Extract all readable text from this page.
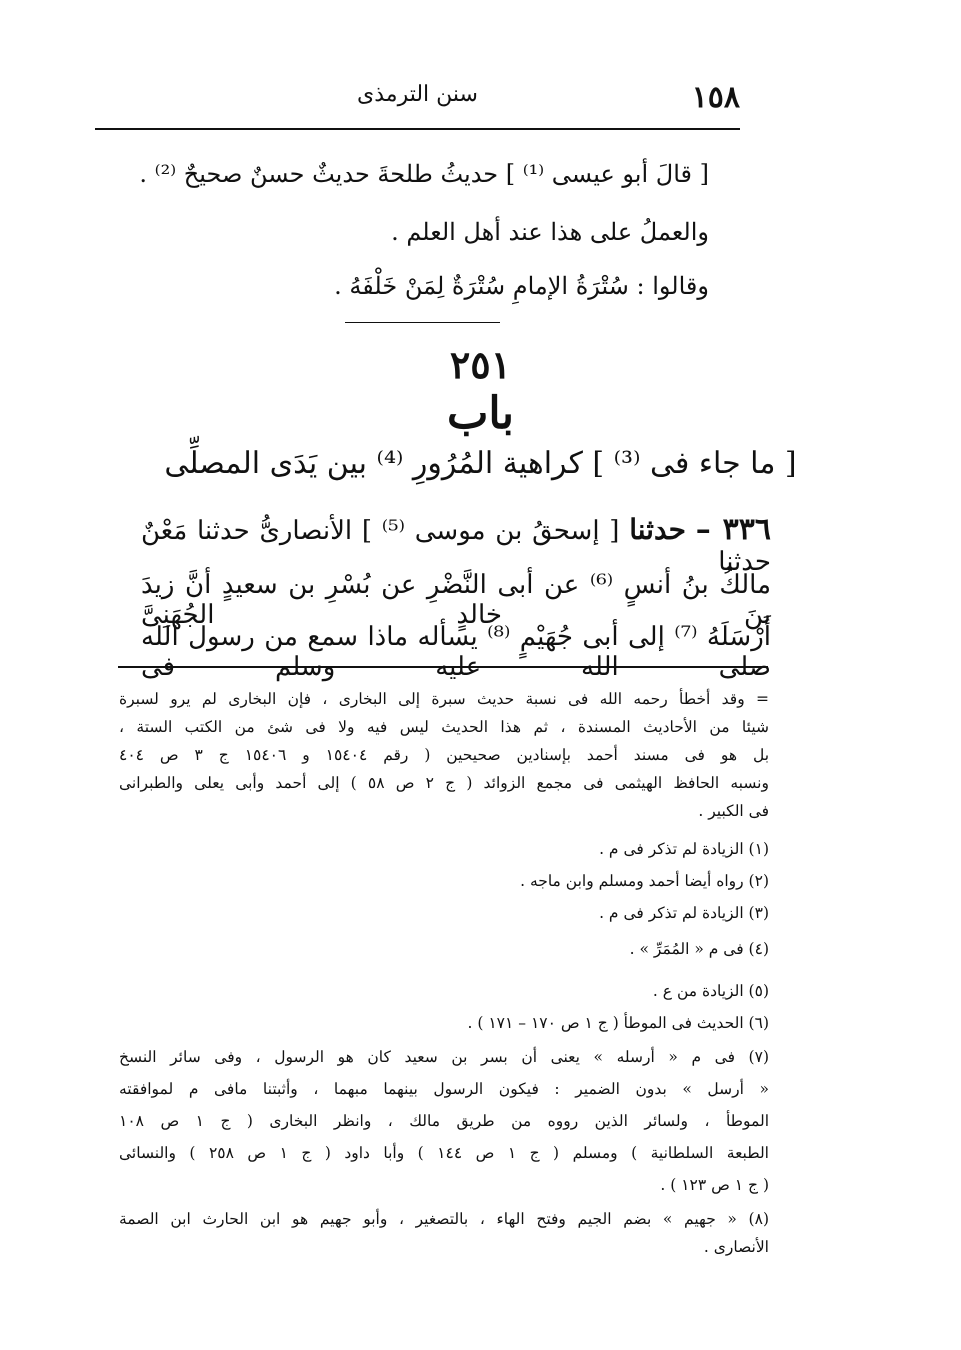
١٥٨
سنن الترمذى
[ قالَ أبو عيسى ⁽¹⁾ ] حديثُ طلحةَ حديثٌ حسنٌ صحيحٌ ⁽²⁾ .
والعملُ على هذا عند أهل العلم .
وقالوا : سُتْرَةُ الإمامِ سُتْرَةٌ لِمَنْ خَلْفَهُ .
٢٥١
باب
[ ما جاء فى ⁽³⁾ ] كراهية المُرُورِ ⁽⁴⁾ بين يَدَى المصلِّى
٣٣٦ – حدثنا [ إسحقُ بن موسى ⁽⁵⁾ ] الأنصارىُّ حدثنا مَعْنٌ حدثنا
مالكُ بنُ أنسٍ ⁽⁶⁾ عن أبى النَّضْرِ عن بُسْرِ بن سعيدٍ أنَّ زيدَ بنَ خالدٍ الجُهَنِىَّ
أَرْسَلَهُ ⁽⁷⁾ إلى أبى جُهَيْمٍ ⁽⁸⁾ يسأله ماذا سمع من رسول الله صلى الله عليه وسلم فى
= وقد أخطأ رحمه الله فى نسبة حديث سبرة إلى البخارى ، فإن البخارى لم يرو لسبرة
شيئا من الأحاديث المسندة ، ثم هذا الحديث ليس فيه ولا فى شئ من الكتب الستة ،
بل هو فى مسند أحمد بإسنادين صحيحين ( رقم ١٥٤٠٤ و ١٥٤٠٦ ج ٣ ص ٤٠٤
ونسبه الحافظ الهيثمى فى مجمع الزوائد ( ج ٢ ص ٥٨ ) إلى أحمد وأبى يعلى والطبرانى
فى الكبير .
(١) الزيادة لم تذكر فى م .
(٢) رواه أيضا أحمد ومسلم وابن ماجه .
(٣) الزيادة لم تذكر فى م .
(٤) فى م « المُمَرِّ » .
(٥) الزيادة من ع .
(٦) الحديث فى الموطأ ( ج ١ ص ١٧٠ – ١٧١ ) .
(٧) فى م « أرسله » يعنى أن بسر بن سعيد كان هو الرسول ، وفى سائر النسخ
« أرسل » بدون الضمير : فيكون الرسول بينهما مبهما ، وأثبتنا مافى م لموافقته
الموطأ ، ولسائر الذين رووه من طريق مالك ، وانظر البخارى ( ج ١ ص ١٠٨
الطبعة السلطانية ) ومسلم ( ج ١ ص ١٤٤ ) وأبا داود ( ج ١ ص ٢٥٨ ) والنسائى
( ج ١ ص ١٢٣ ) .
(٨) « جهيم » بضم الجيم وفتح الهاء ، بالتصغير ، وأبو جهيم هو ابن الحارث ابن الصمة
الأنصارى .
